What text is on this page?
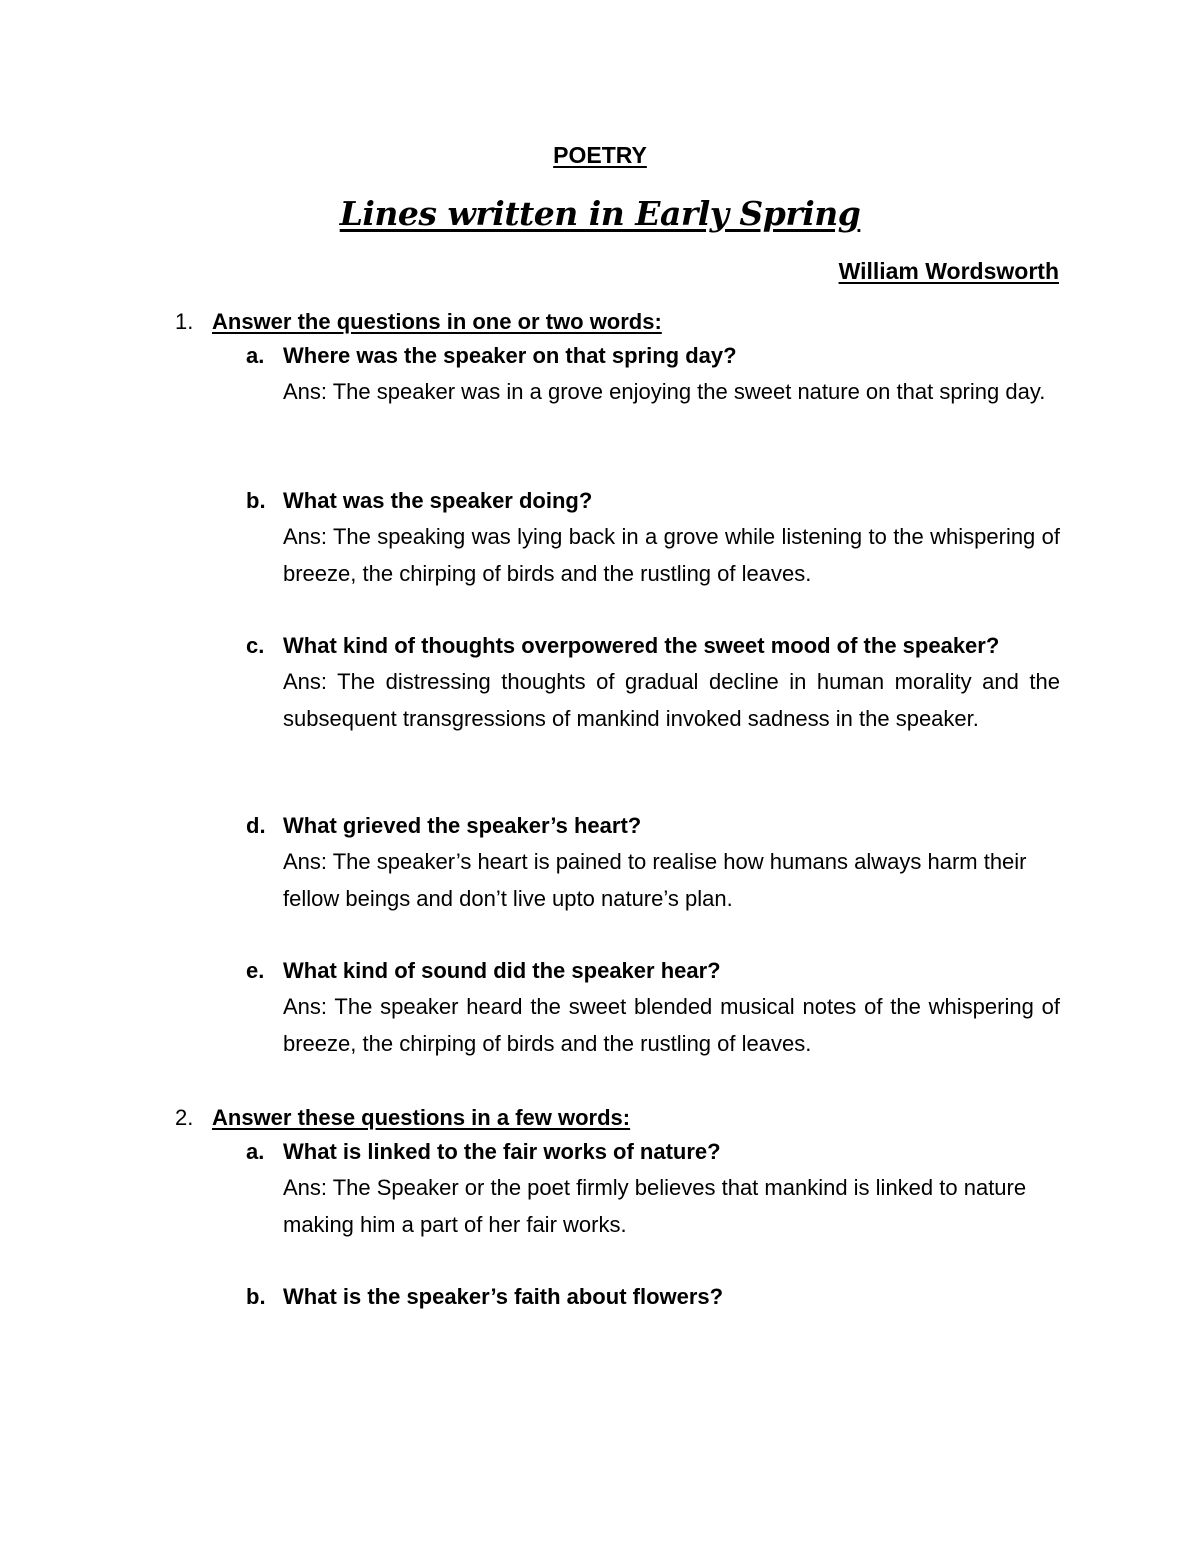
POETRY
Lines written in Early Spring
William Wordsworth
1. Answer the questions in one or two words:
a. Where was the speaker on that spring day?
Ans: The speaker was in a grove enjoying the sweet nature on that spring day.
b. What was the speaker doing?
Ans: The speaking was lying back in a grove while listening to the whispering of breeze, the chirping of birds and the rustling of leaves.
c. What kind of thoughts overpowered the sweet mood of the speaker?
Ans: The distressing thoughts of gradual decline in human morality and the subsequent transgressions of mankind invoked sadness in the speaker.
d. What grieved the speaker’s heart?
Ans: The speaker’s heart is pained to realise how humans always harm their fellow beings and don’t live upto nature’s plan.
e. What kind of sound did the speaker hear?
Ans: The speaker heard the sweet blended musical notes of the whispering of breeze, the chirping of birds and the rustling of leaves.
2. Answer these questions in a few words:
a. What is linked to the fair works of nature?
Ans: The Speaker or the poet firmly believes that mankind is linked to nature making him a part of her fair works.
b. What is the speaker’s faith about flowers?
